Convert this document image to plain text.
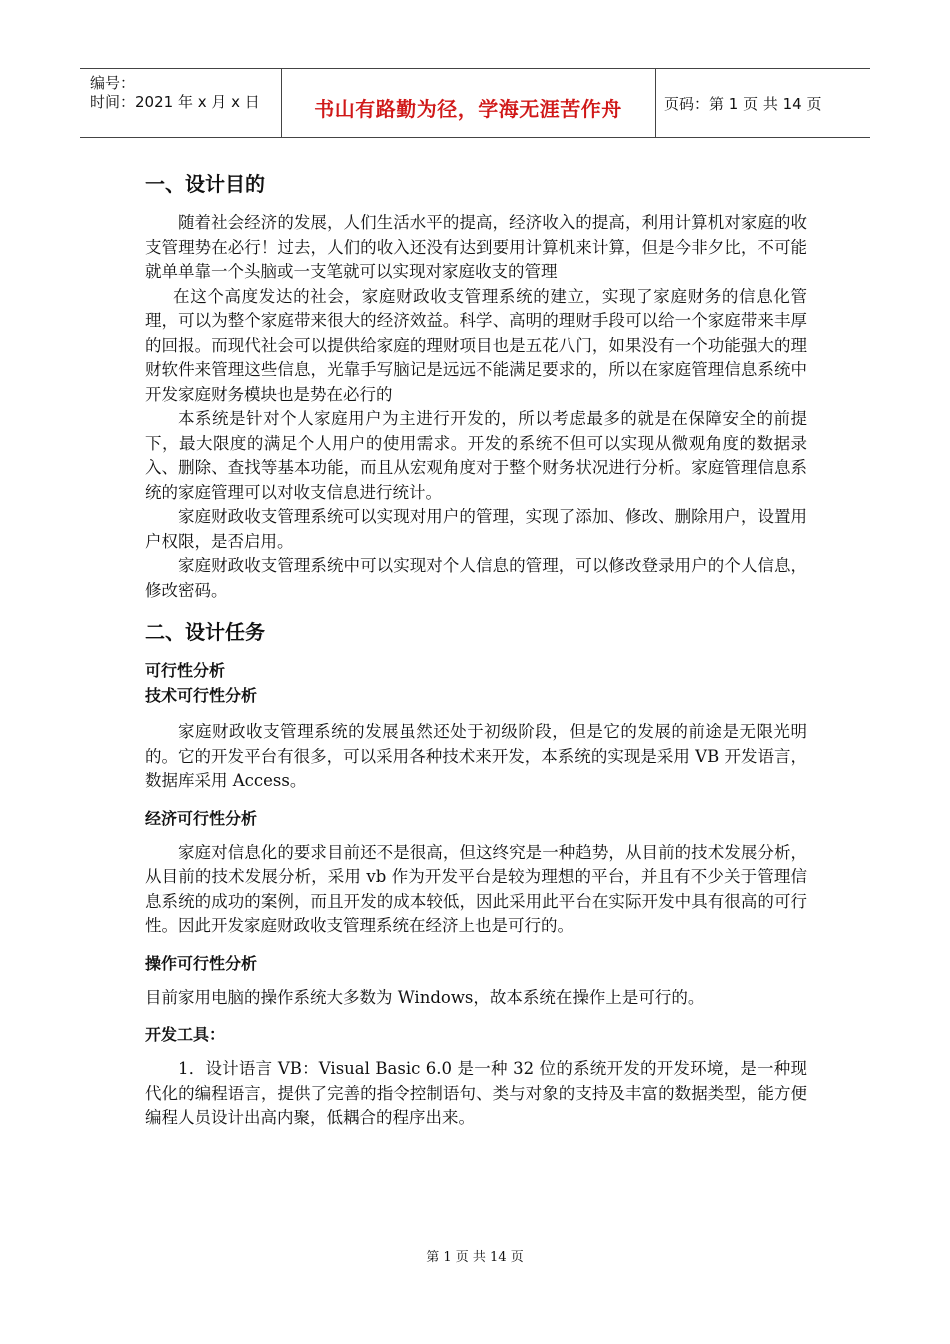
编号：
时间：2021 年 x 月 x 日	书山有路勤为径，学海无涯苦作舟	页码：第 1 页 共 14 页
一、设计目的

随着社会经济的发展，人们生活水平的提高，经济收入的提高，利用计算机对家庭的收支管理势在必行！过去，人们的收入还没有达到要用计算机来计算，但是今非夕比，不可能就单单靠一个头脑或一支笔就可以实现对家庭收支的管理

在这个高度发达的社会，家庭财政收支管理系统的建立，实现了家庭财务的信息化管理，可以为整个家庭带来很大的经济效益。科学、高明的理财手段可以给一个家庭带来丰厚的回报。而现代社会可以提供给家庭的理财项目也是五花八门，如果没有一个功能强大的理财软件来管理这些信息，光靠手写脑记是远远不能满足要求的，所以在家庭管理信息系统中开发家庭财务模块也是势在必行的

本系统是针对个人家庭用户为主进行开发的，所以考虑最多的就是在保障安全的前提下，最大限度的满足个人用户的使用需求。开发的系统不但可以实现从微观角度的数据录入、删除、查找等基本功能，而且从宏观角度对于整个财务状况进行分析。家庭管理信息系统的家庭管理可以对收支信息进行统计。

家庭财政收支管理系统可以实现对用户的管理，实现了添加、修改、删除用户，设置用户权限，是否启用。

家庭财政收支管理系统中可以实现对个人信息的管理，可以修改登录用户的个人信息，修改密码。

二、设计任务
可行性分析
技术可行性分析

家庭财政收支管理系统的发展虽然还处于初级阶段，但是它的发展的前途是无限光明的。它的开发平台有很多，可以采用各种技术来开发，本系统的实现是采用 VB 开发语言，数据库采用 Access。

经济可行性分析

家庭对信息化的要求目前还不是很高，但这终究是一种趋势，从目前的技术发展分析，从目前的技术发展分析，采用 vb 作为开发平台是较为理想的平台，并且有不少关于管理信息系统的成功的案例，而且开发的成本较低，因此采用此平台在实际开发中具有很高的可行性。因此开发家庭财政收支管理系统在经济上也是可行的。

操作可行性分析

目前家用电脑的操作系统大多数为 Windows，故本系统在操作上是可行的。

开发工具：

1．设计语言 VB：Visual Basic 6.0 是一种 32 位的系统开发的开发环境，是一种现代化的编程语言，提供了完善的指令控制语句、类与对象的支持及丰富的数据类型，能方便编程人员设计出高内聚，低耦合的程序出来。

第 1 页 共 14 页
